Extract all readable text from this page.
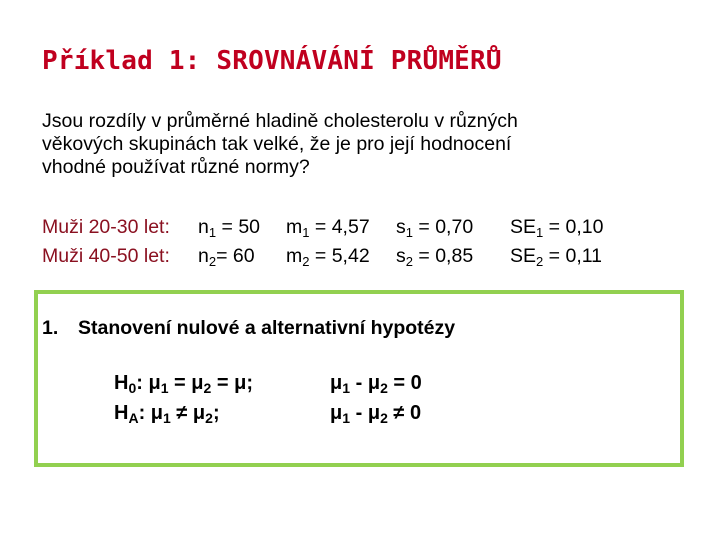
Příklad 1: SROVNÁVÁNÍ PRŮMĚRŮ
Jsou rozdíly v průměrné hladině cholesterolu v různých
věkových skupinách tak velké, že je pro její hodnocení
vhodné používat různé normy?
Muži 20-30 let: $n_1 = 50$ $m_1 = 4,57$ $s_1 = 0,70$ $SE_1 = 0,10$
Muži 40-50 let: $n_2= 60$ $m_2 = 5,42$ $s_2 = 0,85$ $SE_2 = 0,11$
1. Stanovení nulové a alternativní hypotézy
$H_0$: $\mu_1 = \mu_2 = \mu$;
$H_A$: $\mu_1 \ne \mu_2$;
$\mu_1 - \mu_2 = 0$
$\mu_1 - \mu_2 \ne 0$
